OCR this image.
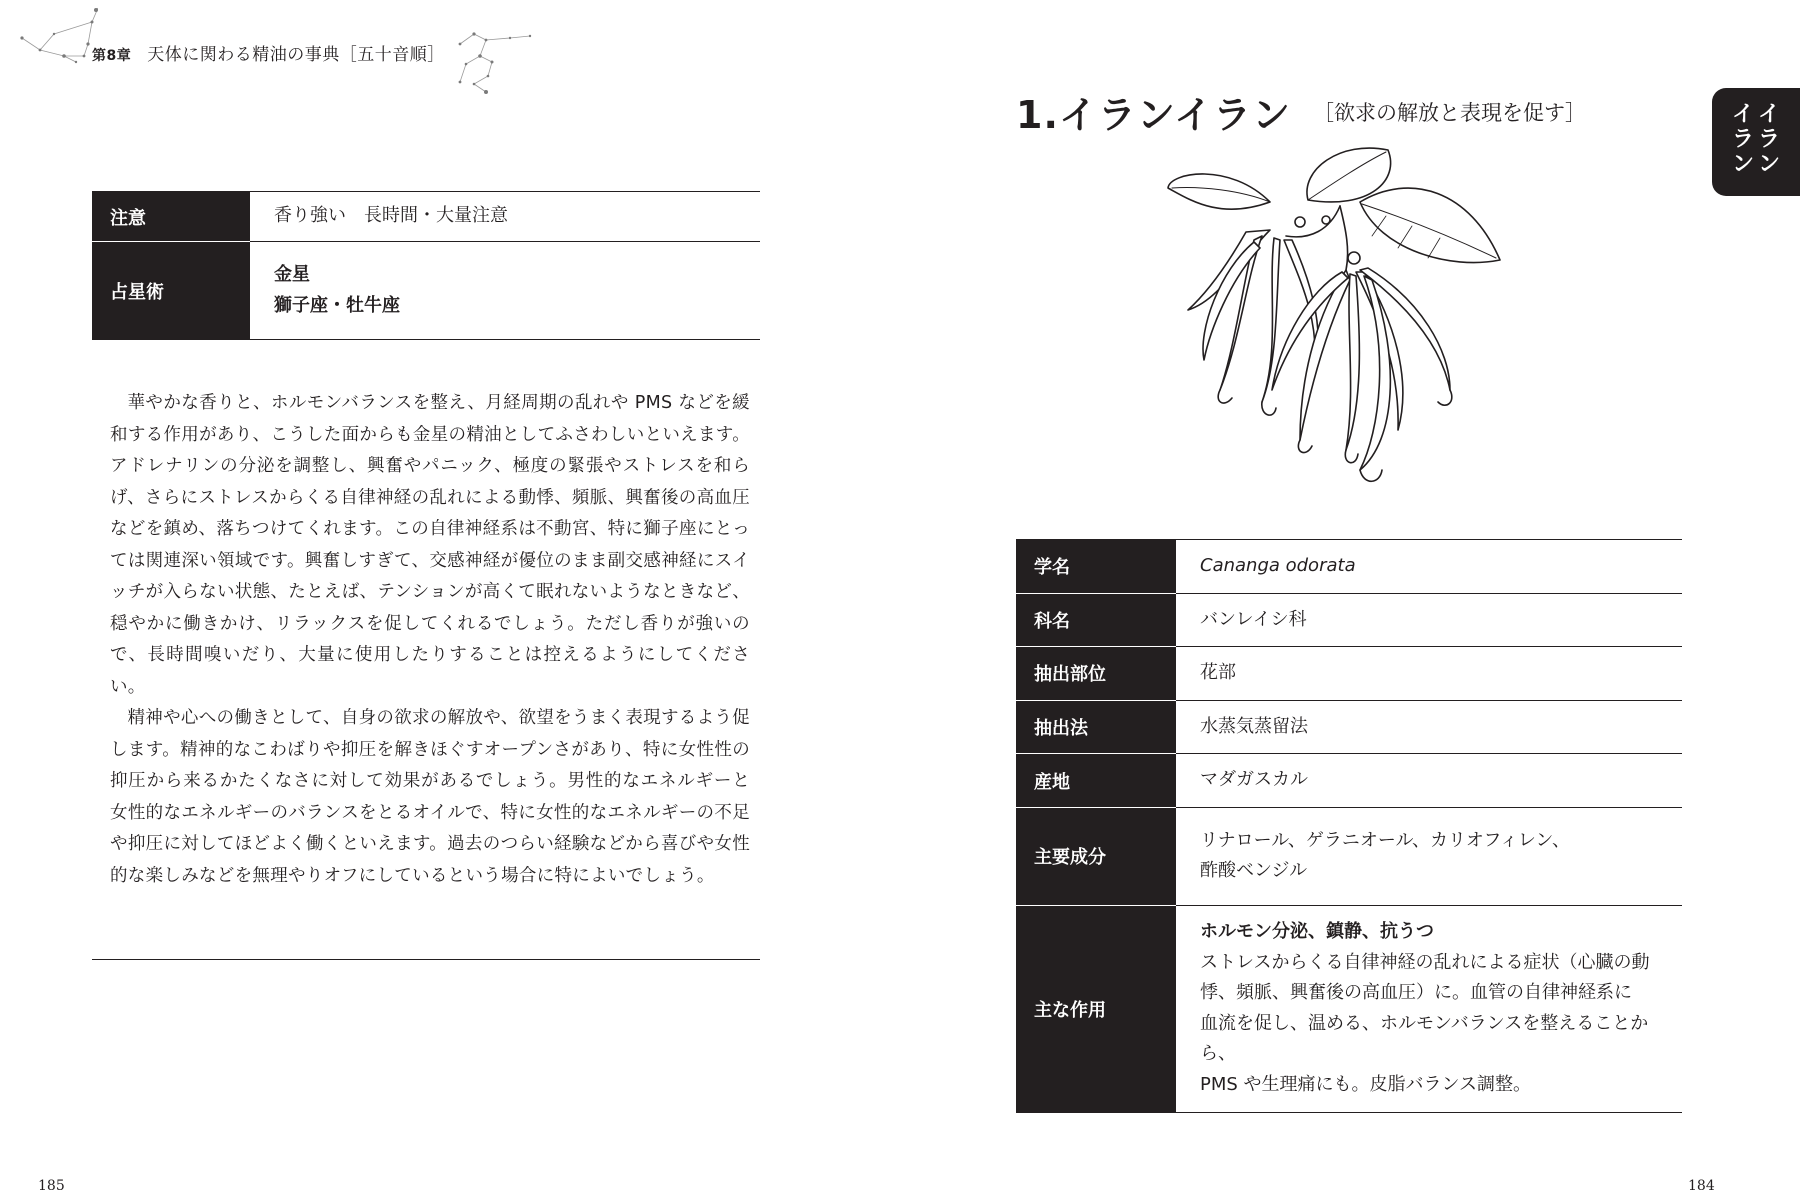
第8章 天体に関わる精油の事典［五十音順］
注意	香り強い　長時間・大量注意
占星術	金星
獅子座・牡牛座

華やかな香りと、ホルモンバランスを整え、月経周期の乱れや PMS などを緩和する作用があり、こうした面からも金星の精油としてふさわしいといえます。アドレナリンの分泌を調整し、興奮やパニック、極度の緊張やストレスを和らげ、さらにストレスからくる自律神経の乱れによる動悸、頻脈、興奮後の高血圧などを鎮め、落ちつけてくれます。この自律神経系は不動宮、特に獅子座にとっては関連深い領域です。興奮しすぎて、交感神経が優位のまま副交感神経にスイッチが入らない状態、たとえば、テンションが高くて眠れないようなときなど、穏やかに働きかけ、リラックスを促してくれるでしょう。ただし香りが強いので、長時間嗅いだり、大量に使用したりすることは控えるようにしてください。

精神や心への働きとして、自身の欲求の解放や、欲望をうまく表現するよう促します。精神的なこわばりや抑圧を解きほぐすオープンさがあり、特に女性性の抑圧から来るかたくなさに対して効果があるでしょう。男性的なエネルギーと女性的なエネルギーのバランスをとるオイルで、特に女性的なエネルギーの不足や抑圧に対してほどよく働くといえます。過去のつらい経験などから喜びや女性的な楽しみなどを無理やりオフにしているという場合に特によいでしょう。

185
1.イランイラン ［欲求の解放と表現を促す］	イ
ラ
ン
イ
ラ
ン
学名	Cananga odorata
科名	バンレイシ科
抽出部位	花部
抽出法	水蒸気蒸留法
産地	マダガスカル
主要成分	リナロール、ゲラニオール、カリオフィレン、
酢酸ベンジル

主な作用	ホルモン分泌、鎮静、抗うつ
ストレスからくる自律神経の乱れによる症状（心臓の動
悸、頻脈、興奮後の高血圧）に。血管の自律神経系に
血流を促し、温める、ホルモンバランスを整えることから、
PMS や生理痛にも。皮脂バランス調整。
184
